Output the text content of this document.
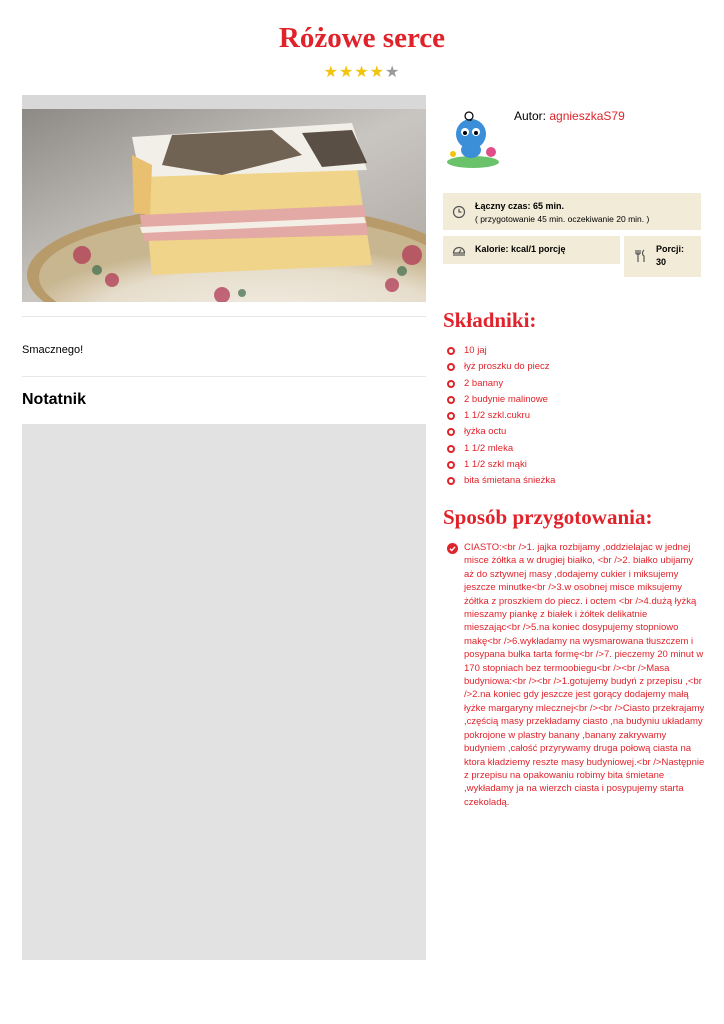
Różowe serce
★★★★★
Smacznego!
Notatnik
Autor: agnieszkaS79
Łączny czas: 65 min.
( przygotowanie 45 min. oczekiwanie 20 min. )
Kalorie: kcal/1 porcję	Porcji:
30
Składniki:
10 jaj
łyż proszku do piecz
2 banany
2 budynie malinowe
1 1/2 szkl.cukru
łyżka octu
1 1/2 mleka
1 1/2 szkl mąki
bita śmietana śnieżka
Sposób przygotowania:
CIASTO:<br />1. jajka rozbijamy ,oddzielajac w jednej misce żółtka a w drugiej białko, <br />2. białko ubijamy aż do sztywnej masy ,dodajemy cukier i miksujemy jeszcze minutke<br />3.w osobnej misce miksujemy żółtka z proszkiem do piecz. i octem <br />4.dużą łyżką mieszamy piankę z białek i żółtek delikatnie mieszając<br />5.na koniec dosypujemy stopniowo makę<br />6.wykładamy na wysmarowana tłuszczem i posypana bułka tarta formę<br />7. pieczemy 20 minut w 170 stopniach bez termoobiegu<br /><br />Masa budyniowa:<br /><br />1.gotujemy budyń z przepisu ,<br />2.na koniec gdy jeszcze jest gorący dodajemy małą łyżke margaryny mlecznej<br /><br />Ciasto przekrajamy ,częścią masy przekładamy ciasto ,na budyniu układamy pokrojone w plastry banany ,banany zakrywamy budyniem ,całość przyrywamy druga połową ciasta na ktora kładziemy reszte masy budyniowej.<br />Następnie z przepisu na opakowaniu robimy bita śmietane ,wykładamy ja na wierzch ciasta i posypujemy starta czekoladą.
